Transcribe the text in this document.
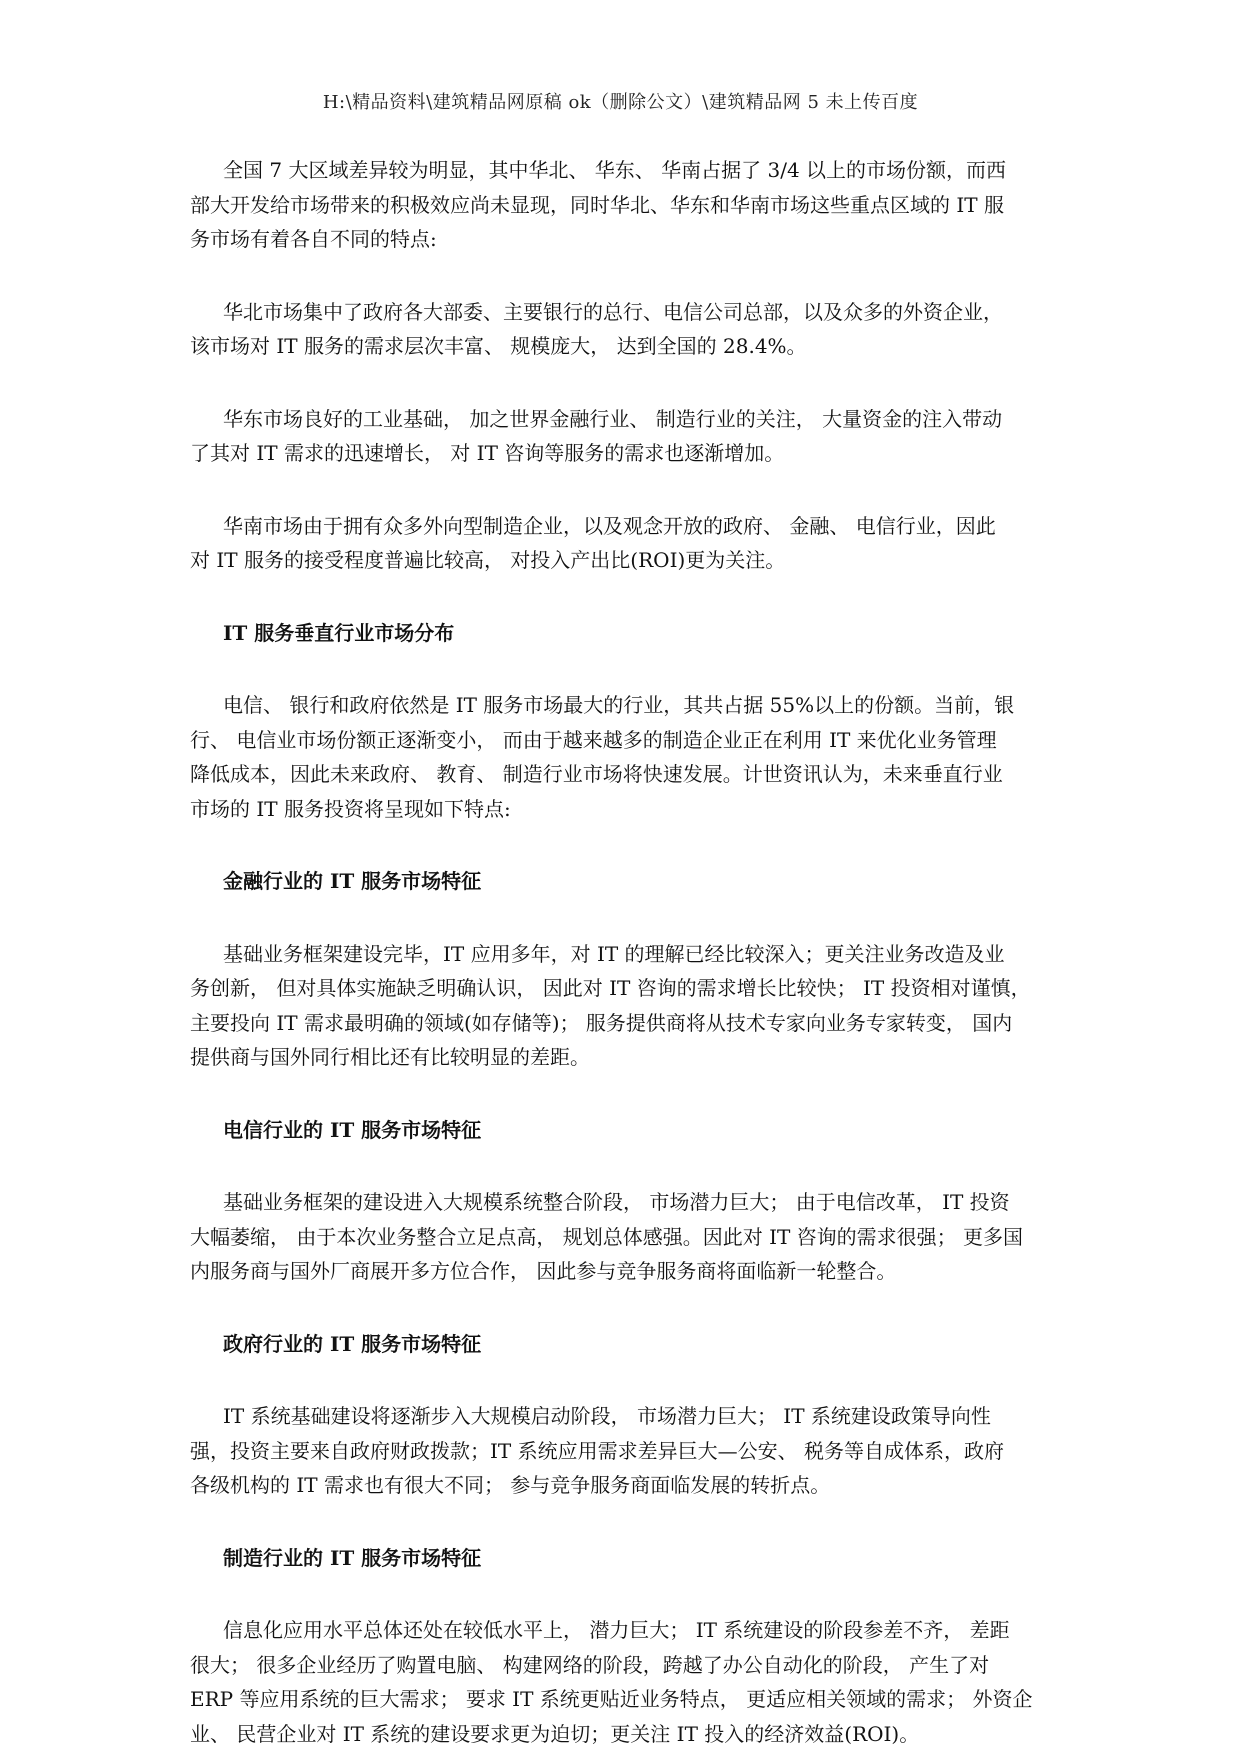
H:\精品资料\建筑精品网原稿 ok（删除公文）\建筑精品网 5 未上传百度

全国 7 大区域差异较为明显，其中华北、 华东、 华南占据了 3/4 以上的市场份额，而西
部大开发给市场带来的积极效应尚未显现，同时华北、华东和华南市场这些重点区域的 IT 服
务市场有着各自不同的特点:

华北市场集中了政府各大部委、主要银行的总行、电信公司总部，以及众多的外资企业，
该市场对 IT 服务的需求层次丰富、 规模庞大， 达到全国的 28.4%。

华东市场良好的工业基础， 加之世界金融行业、 制造行业的关注， 大量资金的注入带动
了其对 IT 需求的迅速增长， 对 IT 咨询等服务的需求也逐渐增加。

华南市场由于拥有众多外向型制造企业，以及观念开放的政府、 金融、 电信行业，因此
对 IT 服务的接受程度普遍比较高， 对投入产出比(ROI)更为关注。

IT 服务垂直行业市场分布

电信、 银行和政府依然是 IT 服务市场最大的行业，其共占据 55%以上的份额。当前，银
行、 电信业市场份额正逐渐变小， 而由于越来越多的制造企业正在利用 IT 来优化业务管理
降低成本，因此未来政府、 教育、 制造行业市场将快速发展。计世资讯认为，未来垂直行业
市场的 IT 服务投资将呈现如下特点:

金融行业的 IT 服务市场特征

基础业务框架建设完毕，IT 应用多年，对 IT 的理解已经比较深入；更关注业务改造及业
务创新， 但对具体实施缺乏明确认识， 因此对 IT 咨询的需求增长比较快； IT 投资相对谨慎，
主要投向 IT 需求最明确的领域(如存储等)； 服务提供商将从技术专家向业务专家转变， 国内
提供商与国外同行相比还有比较明显的差距。

电信行业的 IT 服务市场特征

基础业务框架的建设进入大规模系统整合阶段， 市场潜力巨大； 由于电信改革， IT 投资
大幅萎缩， 由于本次业务整合立足点高， 规划总体感强。因此对 IT 咨询的需求很强； 更多国
内服务商与国外厂商展开多方位合作， 因此参与竞争服务商将面临新一轮整合。

政府行业的 IT 服务市场特征

IT 系统基础建设将逐渐步入大规模启动阶段， 市场潜力巨大； IT 系统建设政策导向性
强，投资主要来自政府财政拨款；IT 系统应用需求差异巨大—公安、 税务等自成体系，政府
各级机构的 IT 需求也有很大不同； 参与竞争服务商面临发展的转折点。

制造行业的 IT 服务市场特征

信息化应用水平总体还处在较低水平上， 潜力巨大； IT 系统建设的阶段参差不齐， 差距
很大； 很多企业经历了购置电脑、 构建网络的阶段，跨越了办公自动化的阶段， 产生了对
ERP 等应用系统的巨大需求； 要求 IT 系统更贴近业务特点， 更适应相关领域的需求； 外资企
业、 民营企业对 IT 系统的建设要求更为迫切；更关注 IT 投入的经济效益(ROI)。
